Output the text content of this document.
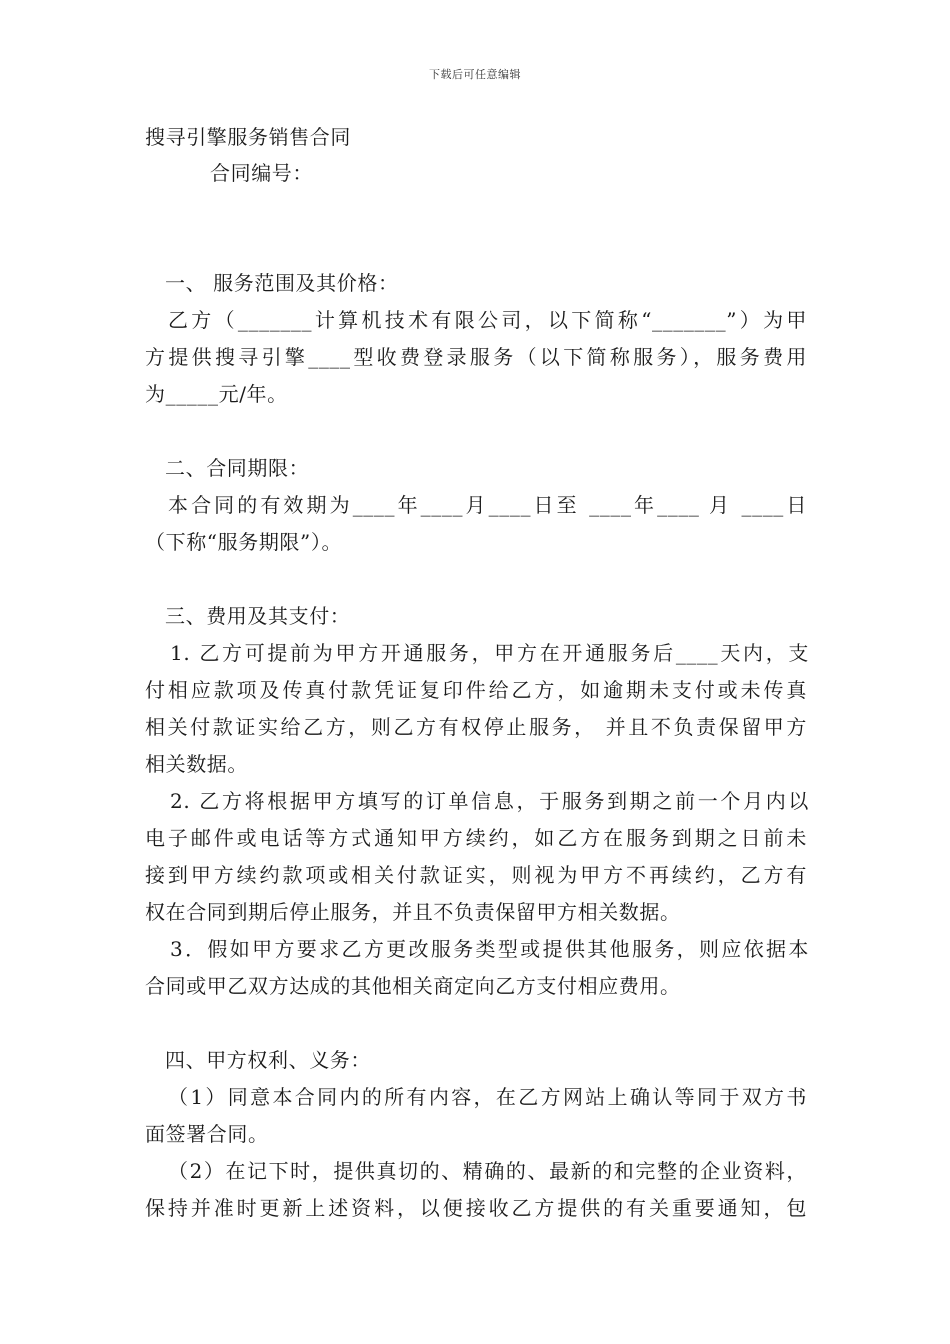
下载后可任意编辑
搜寻引擎服务销售合同
合同编号：
一、 服务范围及其价格：
乙方（_______计算机技术有限公司，以下简称“_______”）为甲
方提供搜寻引擎____型收费登录服务（以下简称服务），服务费用
为_____元/年。
二、合同期限：
本合同的有效期为____年____月____日至 ____年____ 月 ____日
（下称“服务期限”）。
三、费用及其支付：
1. 乙方可提前为甲方开通服务，甲方在开通服务后____天内，支
付相应款项及传真付款凭证复印件给乙方，如逾期未支付或未传真
相关付款证实给乙方，则乙方有权停止服务， 并且不负责保留甲方
相关数据。
2. 乙方将根据甲方填写的订单信息，于服务到期之前一个月内以
电子邮件或电话等方式通知甲方续约，如乙方在服务到期之日前未
接到甲方续约款项或相关付款证实，则视为甲方不再续约，乙方有
权在合同到期后停止服务，并且不负责保留甲方相关数据。
3．假如甲方要求乙方更改服务类型或提供其他服务，则应依据本
合同或甲乙双方达成的其他相关商定向乙方支付相应费用。
四、甲方权利、义务：
（1）同意本合同内的所有内容，在乙方网站上确认等同于双方书
面签署合同。
（2）在记下时，提供真切的、精确的、最新的和完整的企业资料，
保持并准时更新上述资料，以便接收乙方提供的有关重要通知，包
